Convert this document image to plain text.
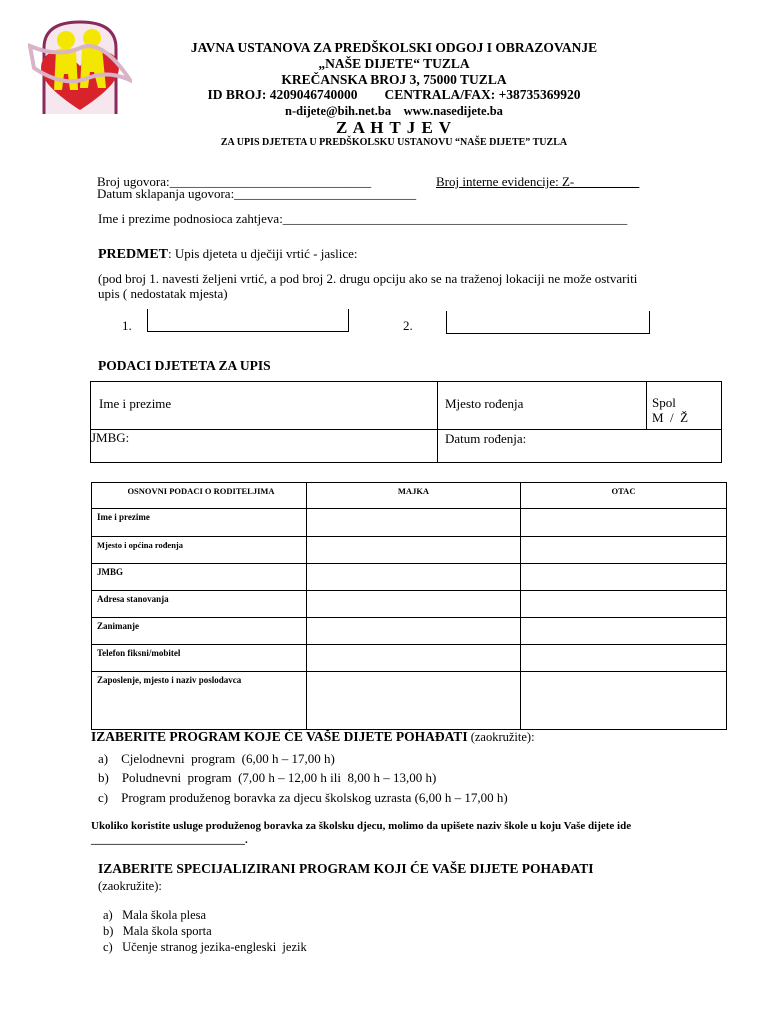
JAVNA USTANOVA ZA PREDŠKOLSKI ODGOJ I OBRAZOVANJE
„NAŠE DIJETE“ TUZLA
KREČANSKA BROJ 3, 75000 TUZLA
ID BROJ: 4209046740000        CENTRALA/FAX: +38735369920
n-dijete@bih.net.ba    www.nasedijete.ba
Z A H T J E V
ZA UPIS DJETETA U PREDŠKOLSKU USTANOVU “NAŠE DIJETE” TUZLA
Broj ugovora:_______________________________	Broj interne evidencije: Z-__________
Datum sklapanja ugovora:____________________________
Ime i prezime podnosioca zahtjeva:_____________________________________________________
PREDMET: Upis djeteta u dječiji vrtić - jaslice:
(pod broj 1. navesti željeni vrtić, a pod broj 2. drugu opciju ako se na traženoj lokaciji ne može ostvariti upis ( nedostatak mjesta)
1.	2.
PODACI DJETETA ZA UPIS
Ime i prezime	Mjesto rođenja	Spol
M  /  Ž

JMBG:	Datum rođenja:	
OSNOVNI PODACI O RODITELJIMA	MAJKA	OTAC
Ime i prezime		
Mjesto i općina rođenja		
JMBG		
Adresa stanovanja		
Zanimanje		
Telefon fiksni/mobitel		
Zaposlenje, mjesto i naziv poslodavca		
IZABERITE PROGRAM KOJE ĆE VAŠE DIJETE POHAĐATI (zaokružite):
a)    Cjelodnevni  program  (6,00 h – 17,00 h)
b)    Poludnevni  program  (7,00 h – 12,00 h ili  8,00 h – 13,00 h)
c)    Program produženog boravka za djecu školskog uzrasta (6,00 h – 17,00 h)
Ukoliko koristite usluge produženog boravka za školsku djecu, molimo da upišete naziv škole u koju Vaše dijete ide ____________________________.
IZABERITE SPECIJALIZIRANI PROGRAM KOJI ĆE VAŠE DIJETE POHAĐATI
(zaokružite):
a)   Mala škola plesa
b)   Mala škola sporta
c)   Učenje stranog jezika-engleski  jezik
